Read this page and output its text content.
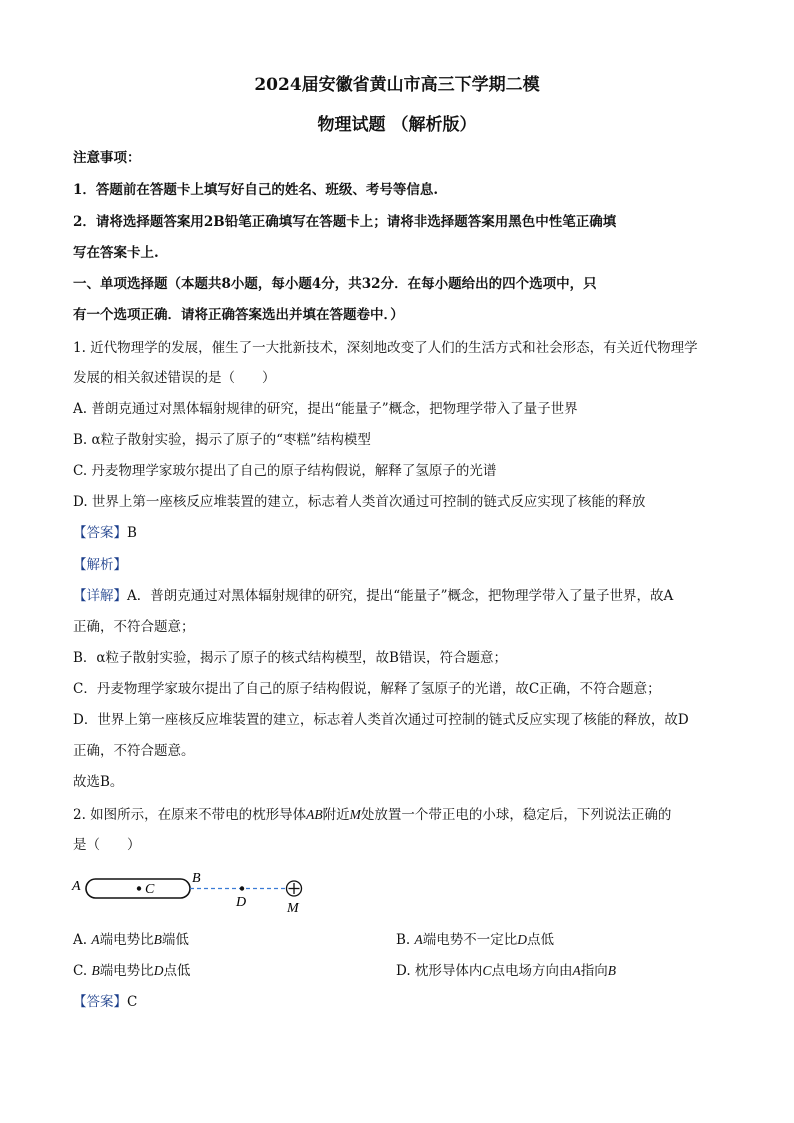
2024届安徽省黄山市高三下学期二模
物理试题 （解析版）
注意事项：
1．答题前在答题卡上填写好自己的姓名、班级、考号等信息.
2．请将选择题答案用2B铅笔正确填写在答题卡上；请将非选择题答案用黑色中性笔正确填
写在答案卡上.
一、单项选择题（本题共8小题，每小题4分，共32分．在每小题给出的四个选项中，只
有一个选项正确．请将正确答案选出并填在答题卷中．）
1. 近代物理学的发展，催生了一大批新技术，深刻地改变了人们的生活方式和社会形态，有关近代物理学
发展的相关叙述错误的是（　　）
A. 普朗克通过对黑体辐射规律的研究，提出“能量子”概念，把物理学带入了量子世界
B. α粒子散射实验，揭示了原子的“枣糕”结构模型
C. 丹麦物理学家玻尔提出了自己的原子结构假说，解释了氢原子的光谱
D. 世界上第一座核反应堆装置的建立，标志着人类首次通过可控制的链式反应实现了核能的释放
【答案】B
【解析】
【详解】A．普朗克通过对黑体辐射规律的研究，提出“能量子”概念，把物理学带入了量子世界，故A
正确，不符合题意；
B．α粒子散射实验，揭示了原子的核式结构模型，故B错误，符合题意；
C．丹麦物理学家玻尔提出了自己的原子结构假说，解释了氢原子的光谱，故C正确，不符合题意；
D．世界上第一座核反应堆装置的建立，标志着人类首次通过可控制的链式反应实现了核能的释放，故D
正确，不符合题意。
故选B。
2. 如图所示，在原来不带电的枕形导体AB附近M处放置一个带正电的小球，稳定后，下列说法正确的
是（　　）
A
B
C
D	M
A. A端电势比B端低	B. A端电势不一定比D点低
C. B端电势比D点低	D. 枕形导体内C点电场方向由A指向B
【答案】C
